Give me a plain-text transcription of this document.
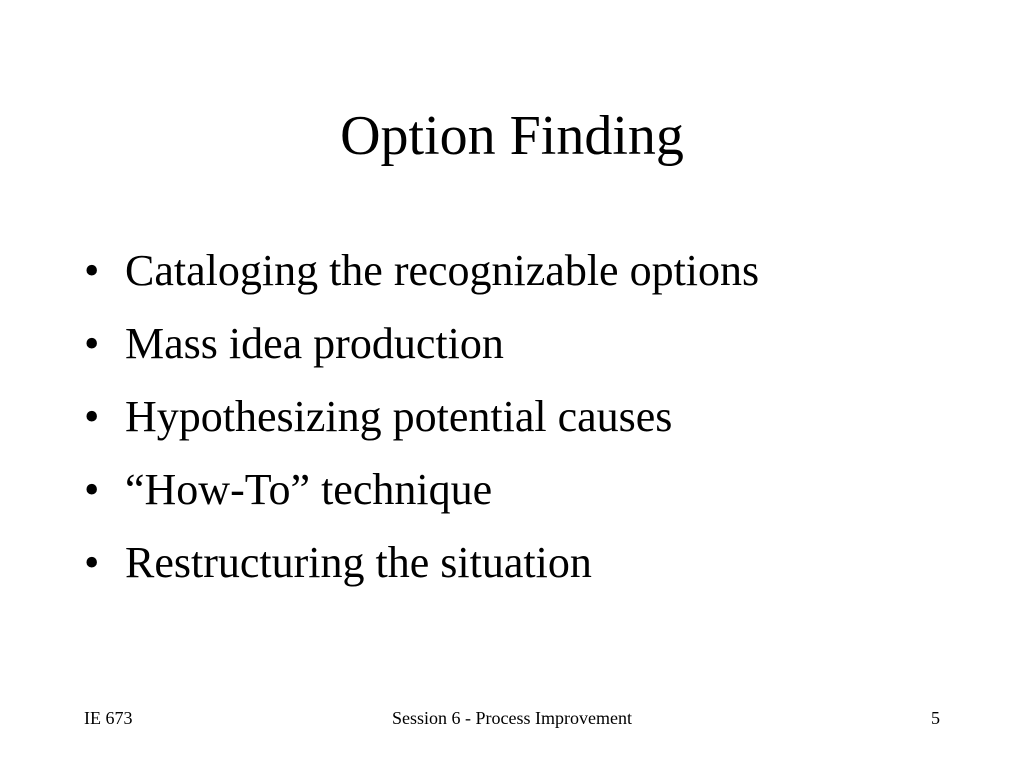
Option Finding
• Cataloging the recognizable options
• Mass idea production
• Hypothesizing potential causes
• “How-To” technique
• Restructuring the situation
IE 673	Session 6 - Process Improvement	5
